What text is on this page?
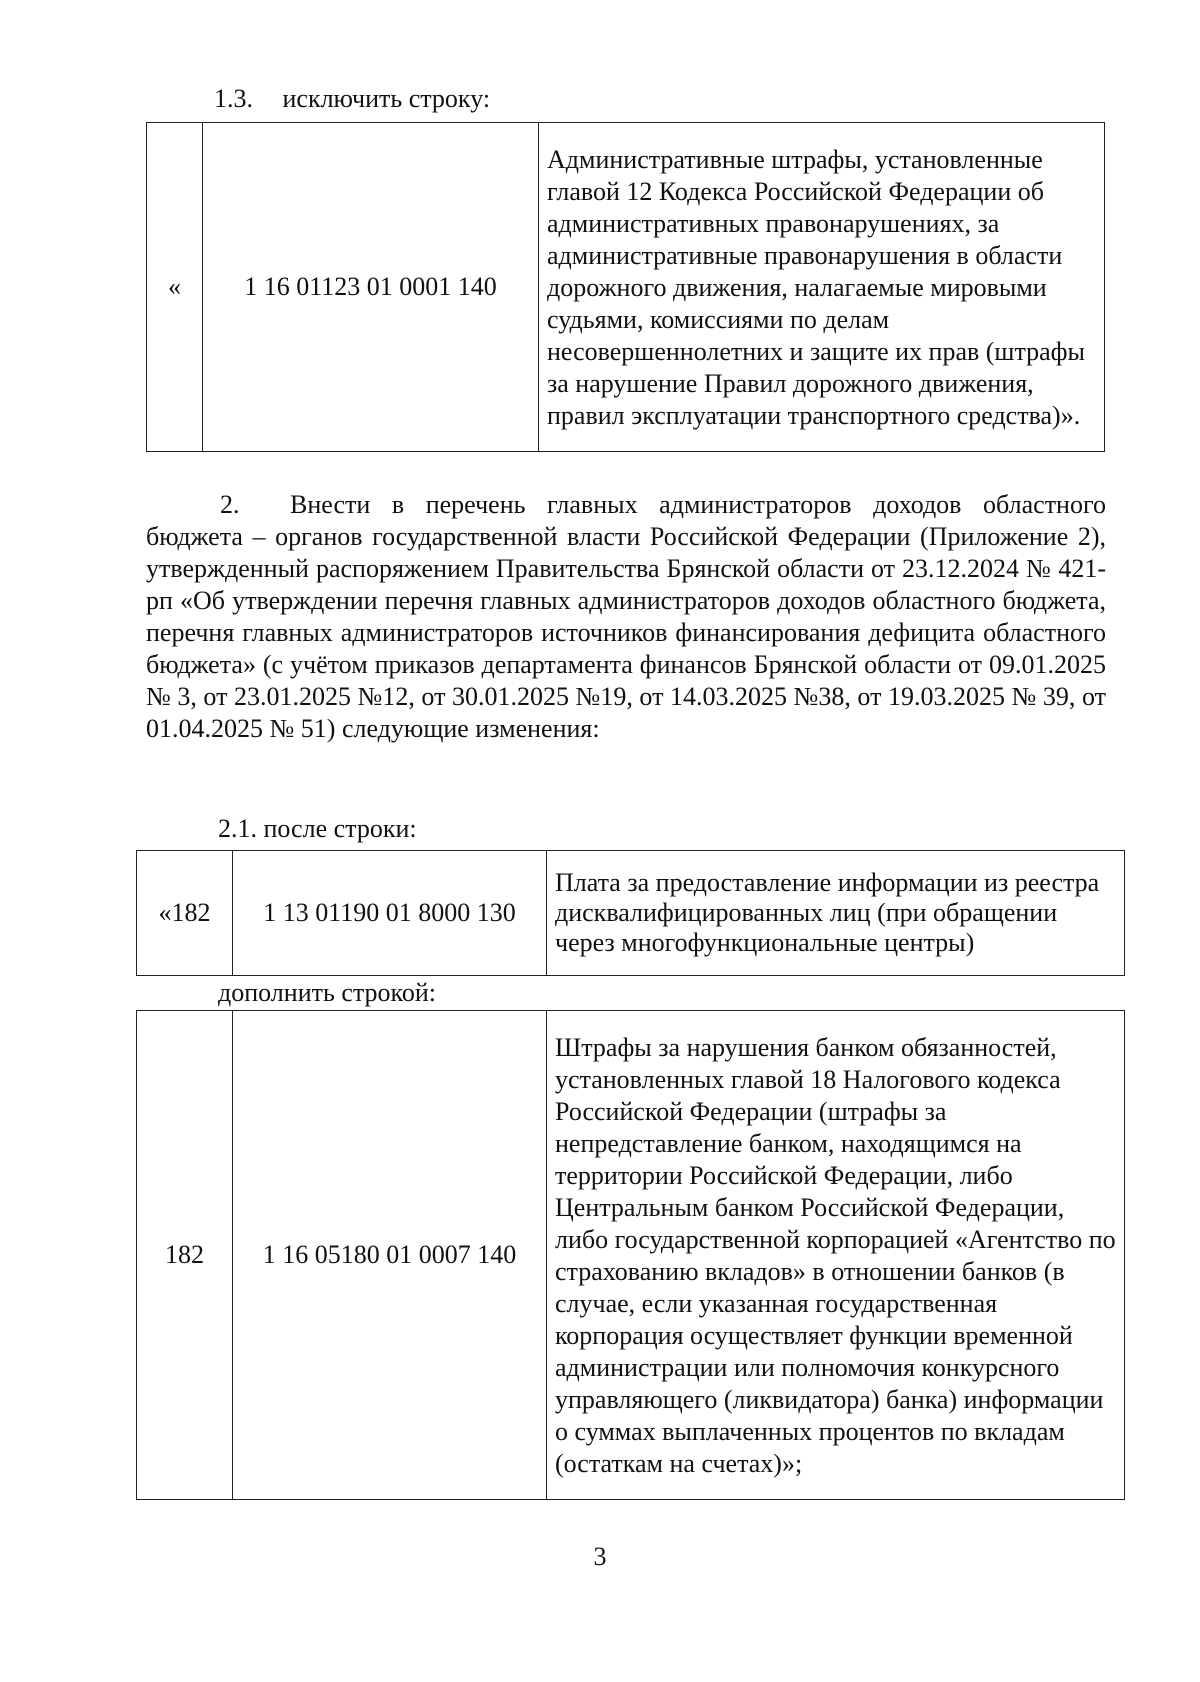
1.3. исключить строку:
«	1 16 01123 01 0001 140	Административные штрафы, установленные главой 12 Кодекса Российской Федерации об административных правонарушениях, за административные правонарушения в области дорожного движения, налагаемые мировыми судьями, комиссиями по делам несовершеннолетних и защите их прав (штрафы за нарушение Правил дорожного движения, правил эксплуатации транспортного средства)».
2. Внести в перечень главных администраторов доходов областного бюджета – органов государственной власти Российской Федерации (Приложение 2), утвержденный распоряжением Правительства Брянской области от 23.12.2024 № 421-рп «Об утверждении перечня главных администраторов доходов областного бюджета, перечня главных администраторов источников финансирования дефицита областного бюджета» (с учётом приказов департамента финансов Брянской области от 09.01.2025 № 3, от 23.01.2025 №12, от 30.01.2025 №19, от 14.03.2025 №38, от 19.03.2025 № 39, от 01.04.2025 № 51) следующие изменения:
2.1. после строки:
«182	1 13 01190 01 8000 130	Плата за предоставление информации из реестра дисквалифицированных лиц (при обращении через многофункциональные центры)
дополнить строкой:
182	1 16 05180 01 0007 140	Штрафы за нарушения банком обязанностей, установленных главой 18 Налогового кодекса Российской Федерации (штрафы за непредставление банком, находящимся на территории Российской Федерации, либо Центральным банком Российской Федерации, либо государственной корпорацией «Агентство по страхованию вкладов» в отношении банков (в случае, если указанная государственная корпорация осуществляет функции временной администрации или полномочия конкурсного управляющего (ликвидатора) банка) информации о суммах выплаченных процентов по вкладам (остаткам на счетах)»;
3
